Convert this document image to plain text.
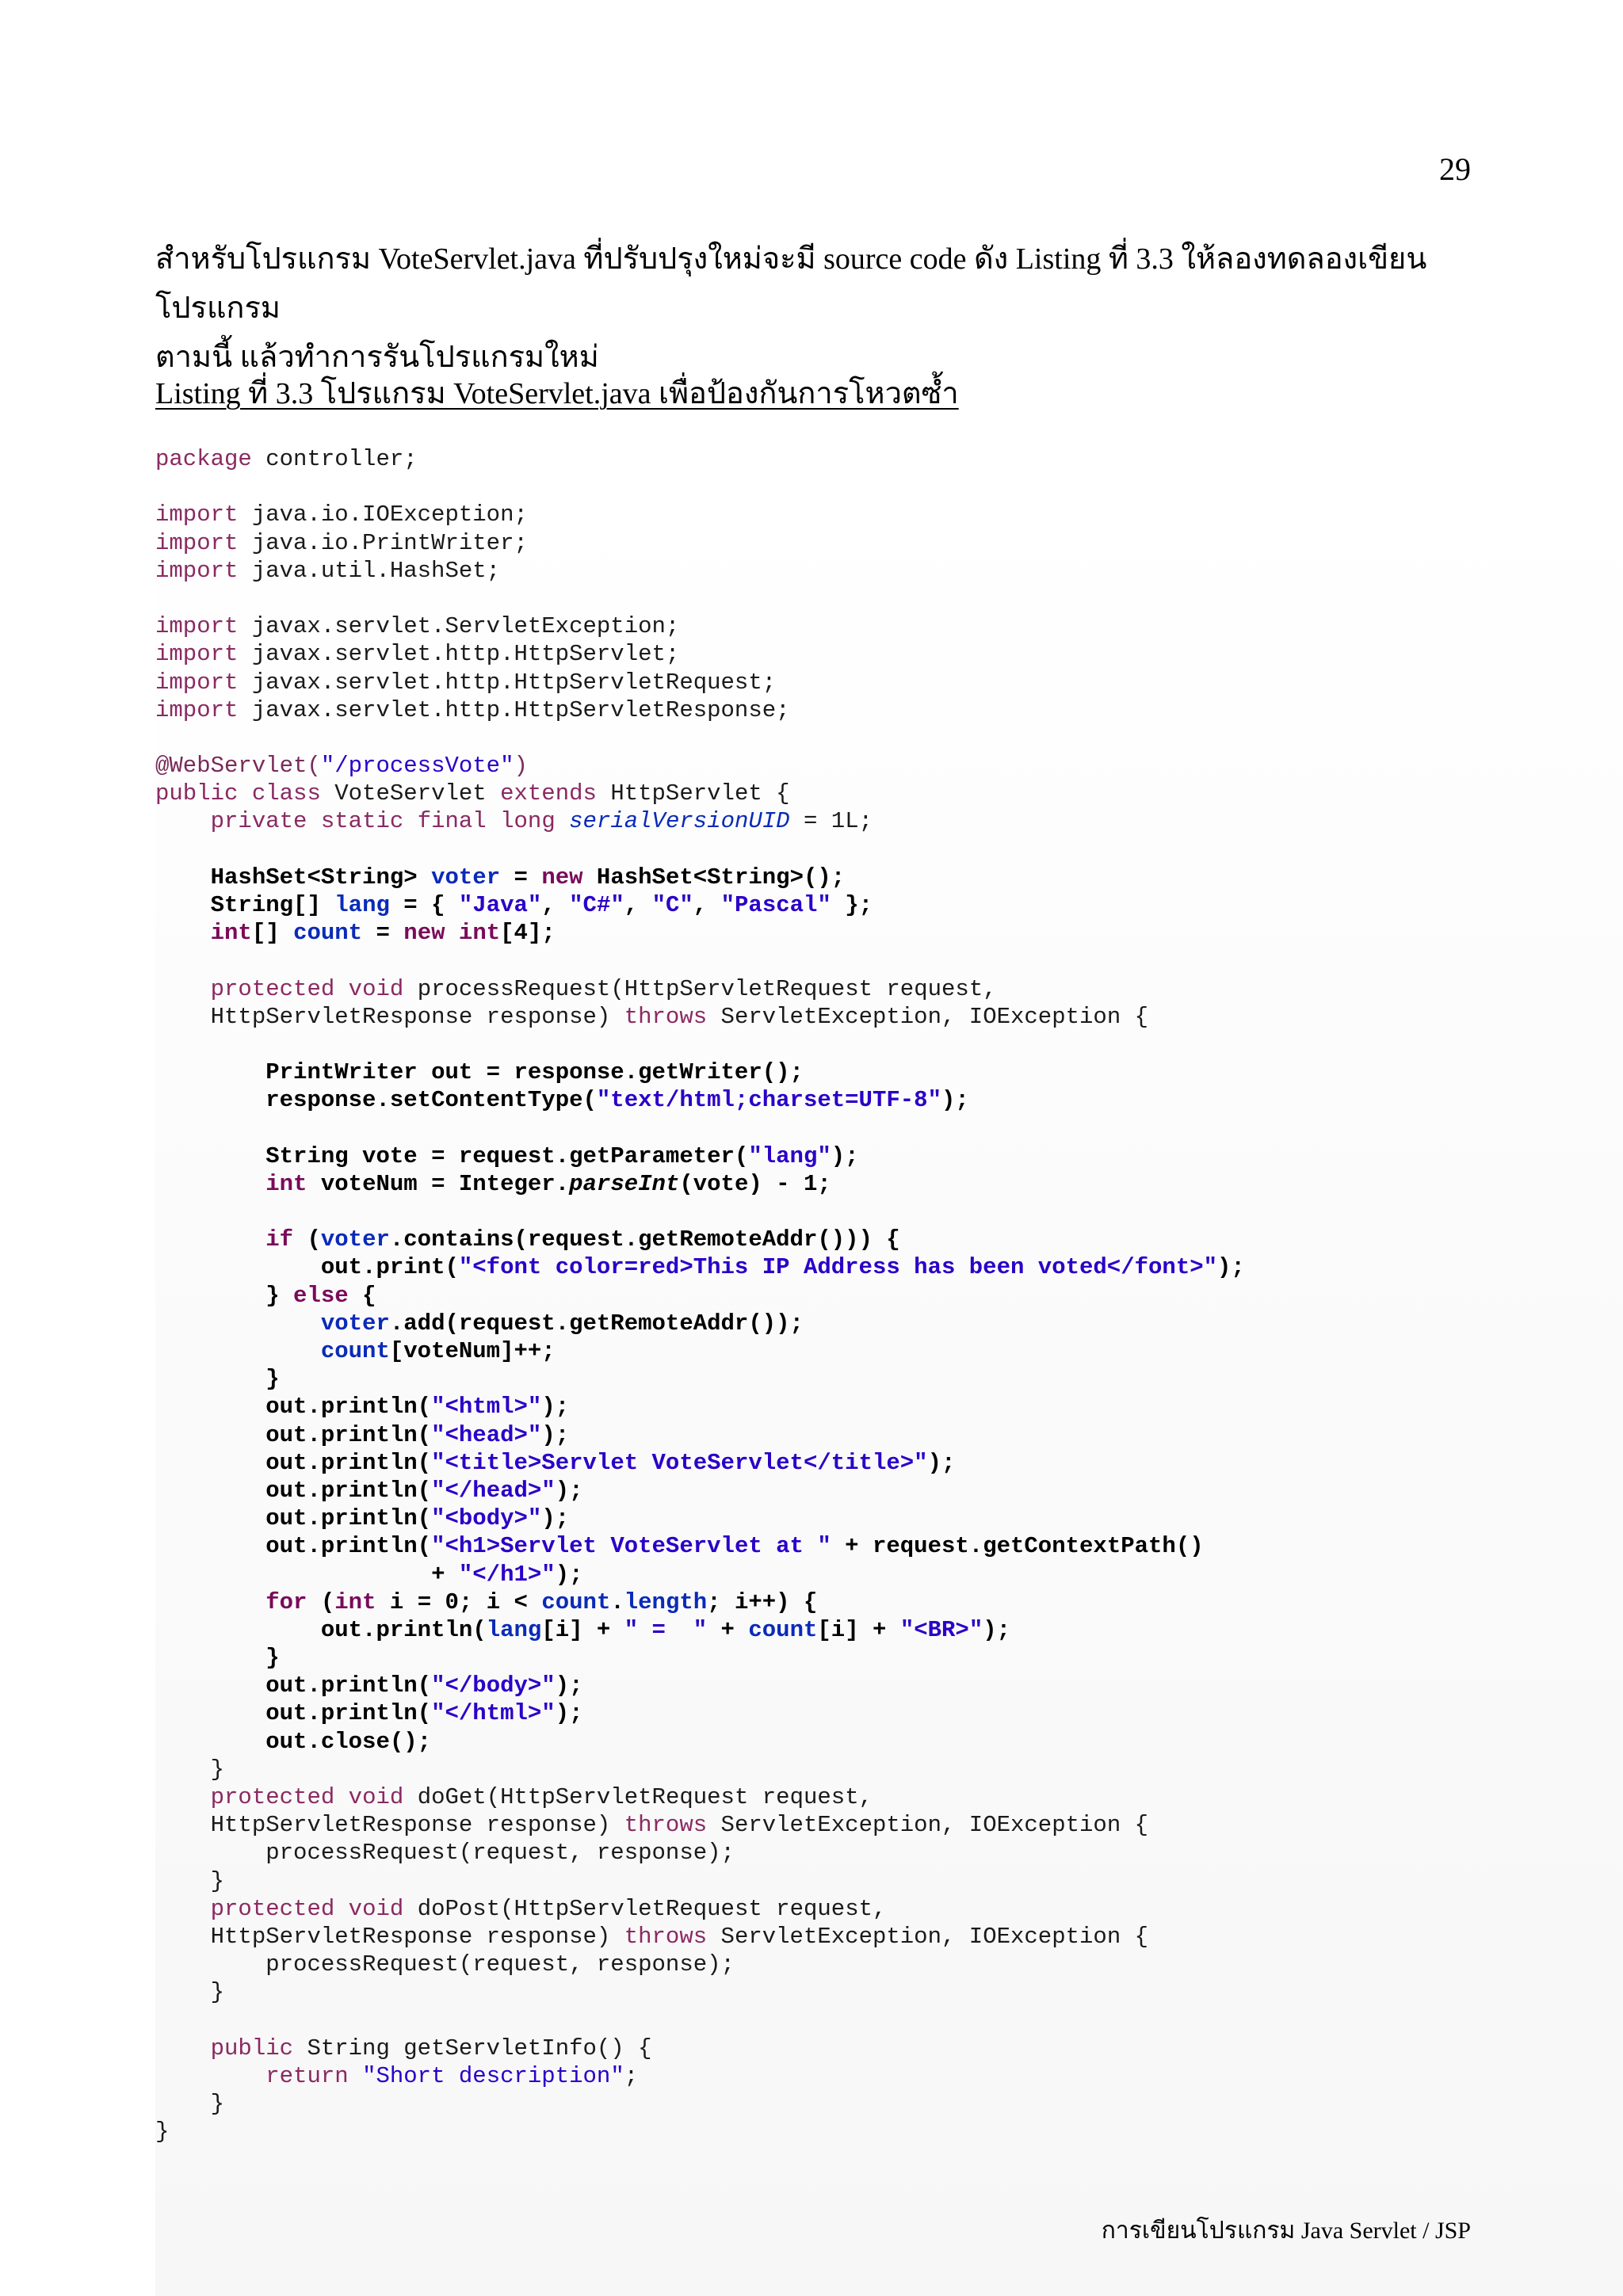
29

สำหรับโปรแกรม VoteServlet.java ที่ปรับปรุงใหม่จะมี source code ดัง Listing ที่ 3.3 ให้ลองทดลองเขียนโปรแกรม

ตามนี้ แล้วทำการรันโปรแกรมใหม่

Listing ที่ 3.3 โปรแกรม VoteServlet.java เพื่อป้องกันการโหวตซ้ำ
package controller;

import java.io.IOException;
import java.io.PrintWriter;
import java.util.HashSet;

import javax.servlet.ServletException;
import javax.servlet.http.HttpServlet;
import javax.servlet.http.HttpServletRequest;
import javax.servlet.http.HttpServletResponse;

@WebServlet("/processVote")
public class VoteServlet extends HttpServlet {
	private static final long serialVersionUID = 1L;

	HashSet<String> voter = new HashSet<String>();
	String[] lang = { "Java", "C#", "C", "Pascal" };
	int[] count = new int[4];

	protected void processRequest(HttpServletRequest request,
	HttpServletResponse response) throws ServletException, IOException {

		PrintWriter out = response.getWriter();
		response.setContentType("text/html;charset=UTF-8");

		String vote = request.getParameter("lang");
		int voteNum = Integer.parseInt(vote) - 1;

		if (voter.contains(request.getRemoteAddr())) {
			out.print("<font color=red>This IP Address has been voted</font>");
		} else {
			voter.add(request.getRemoteAddr());
			count[voteNum]++;
		}
		out.println("<html>");
		out.println("<head>");
		out.println("<title>Servlet VoteServlet</title>");
		out.println("</head>");
		out.println("<body>");
		out.println("<h1>Servlet VoteServlet at " + request.getContextPath()
					+ "</h1>");
		for (int i = 0; i < count.length; i++) {
			out.println(lang[i] + " =  " + count[i] + "<BR>");
		}
		out.println("</body>");
		out.println("</html>");
		out.close();
	}
	protected void doGet(HttpServletRequest request,
	HttpServletResponse response) throws ServletException, IOException {
		processRequest(request, response);
	}
	protected void doPost(HttpServletRequest request,
	HttpServletResponse response) throws ServletException, IOException {
		processRequest(request, response);
	}

	public String getServletInfo() {
		return "Short description";
	}
}
การเขียนโปรแกรม Java Servlet / JSP
